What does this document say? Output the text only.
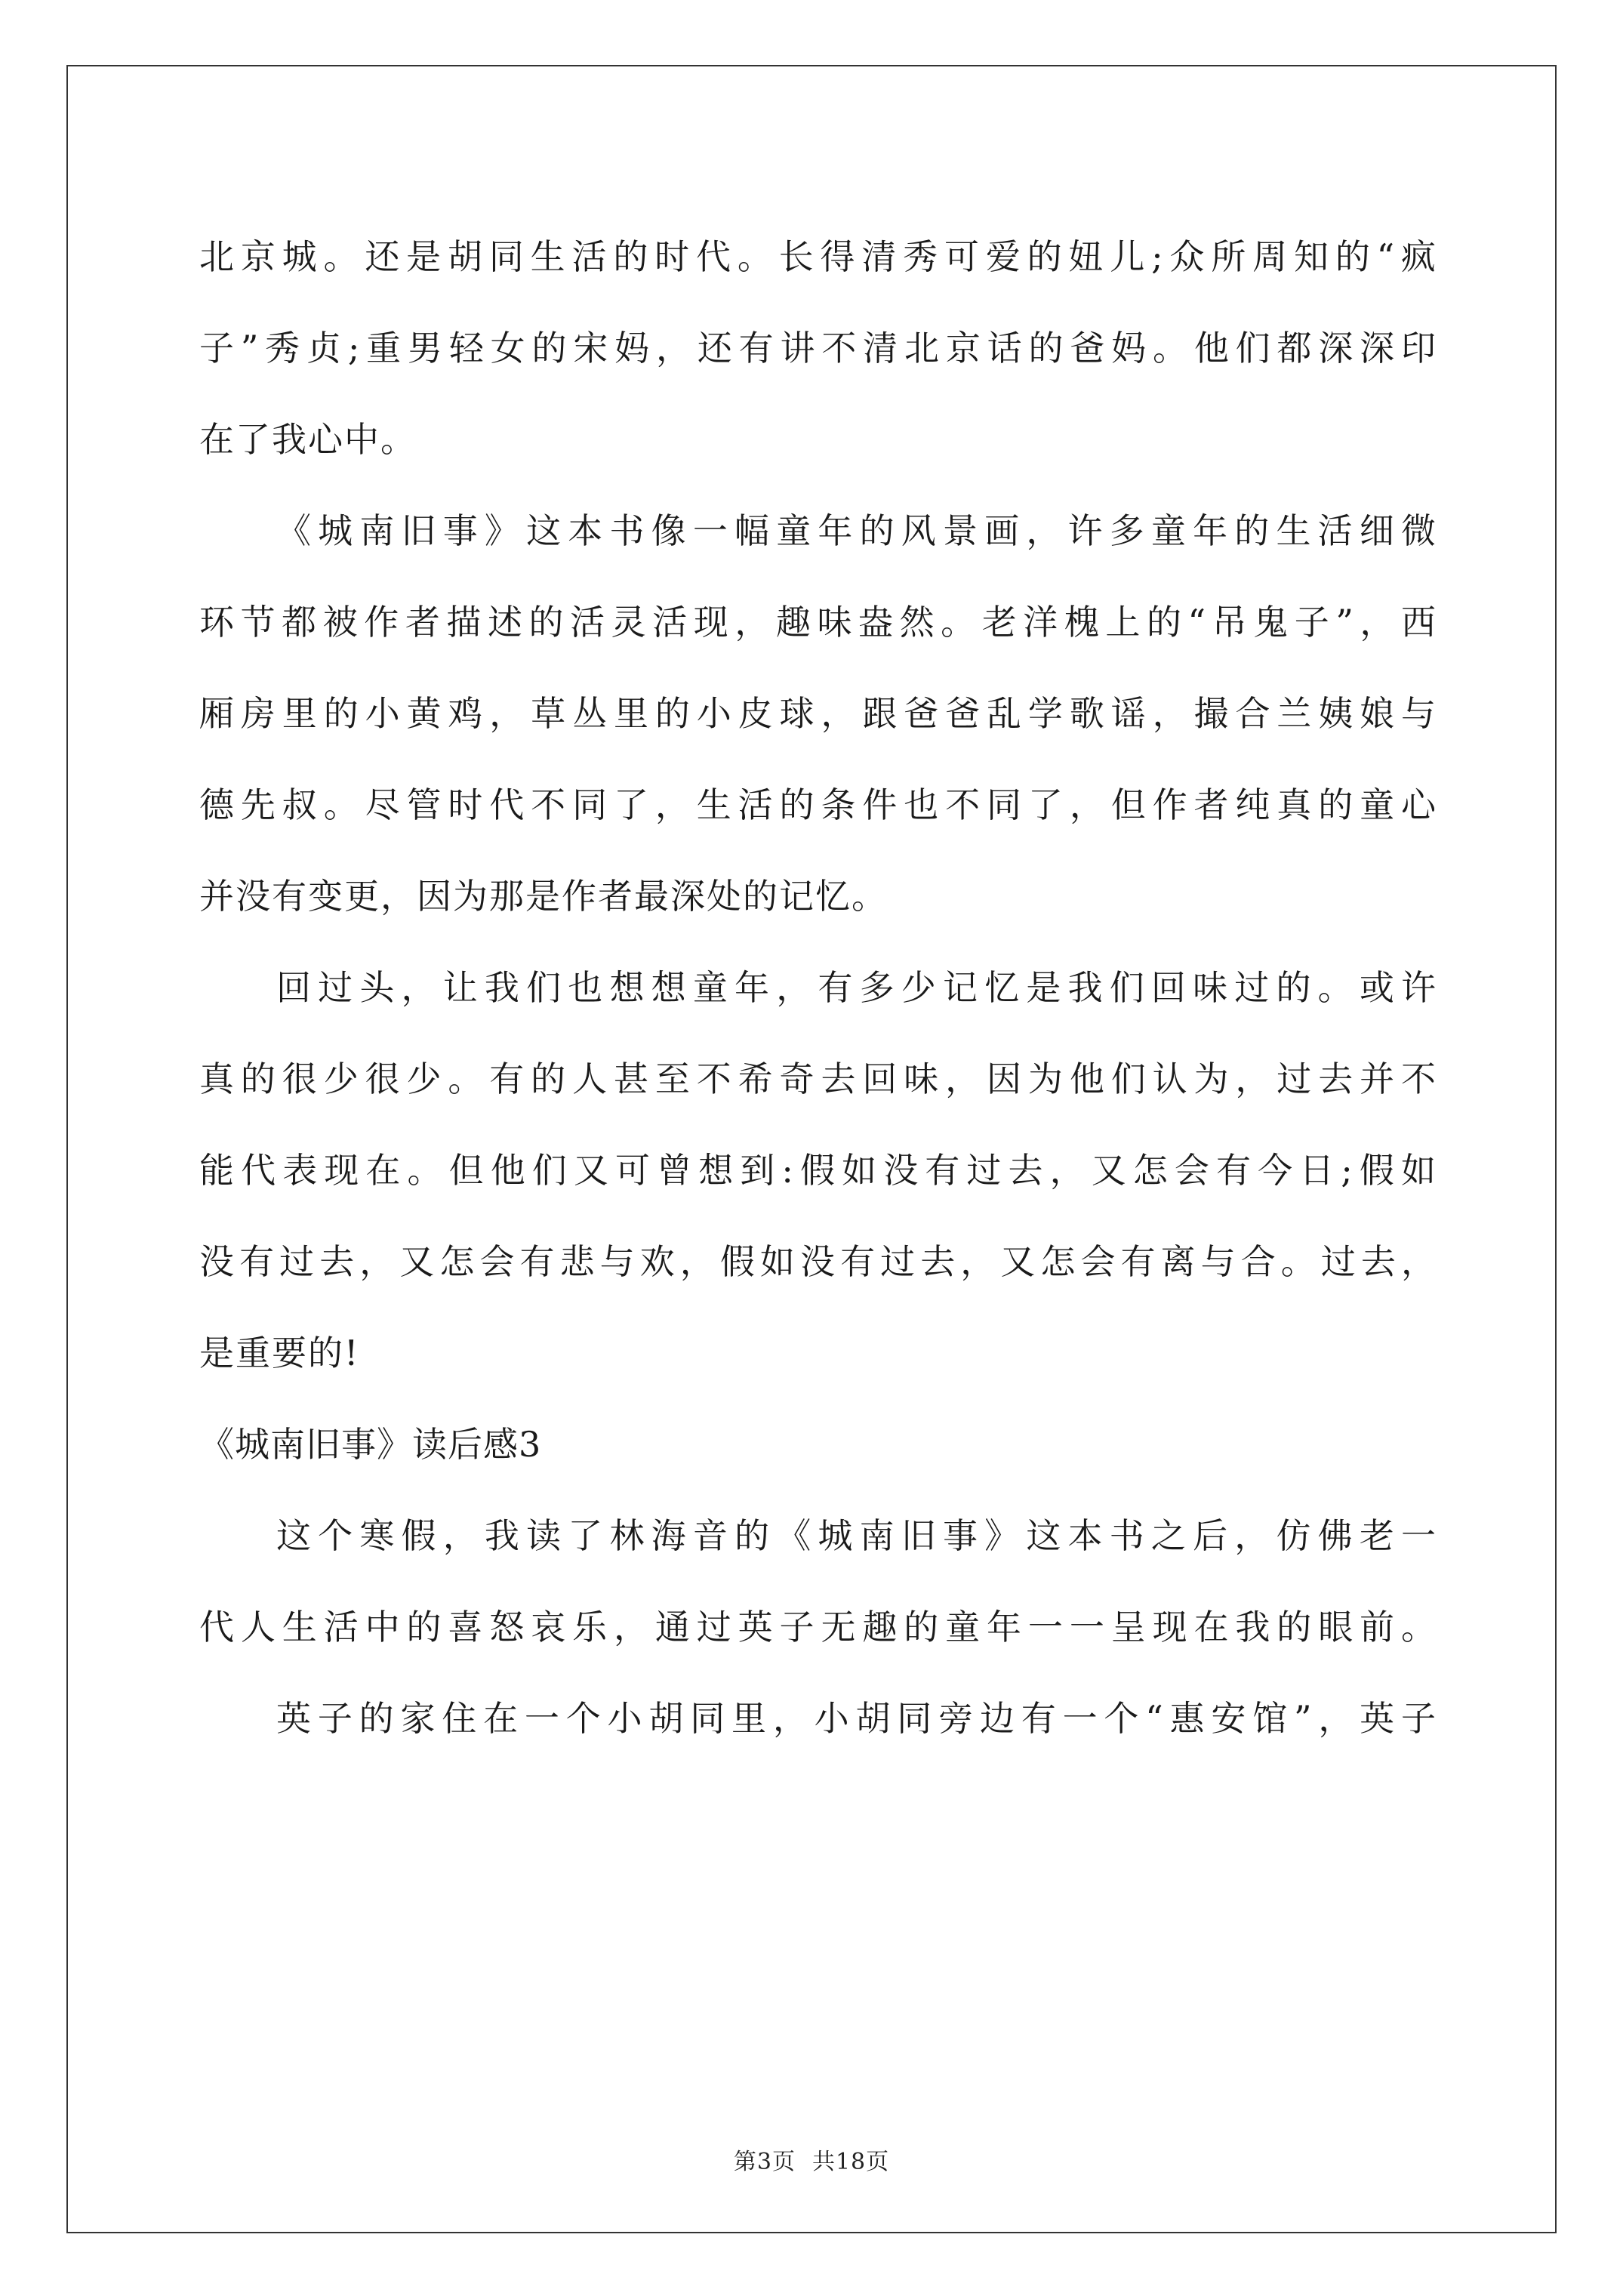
北京城。还是胡同生活的时代。长得清秀可爱的妞儿;众所周知的“疯
子”秀贞;重男轻女的宋妈，还有讲不清北京话的爸妈。他们都深深印
在了我心中。
《城南旧事》这本书像一幅童年的风景画，许多童年的生活细微
环节都被作者描述的活灵活现，趣味盎然。老洋槐上的“吊鬼子”，西
厢房里的小黄鸡，草丛里的小皮球，跟爸爸乱学歌谣，撮合兰姨娘与
德先叔。尽管时代不同了，生活的条件也不同了，但作者纯真的童心
并没有变更，因为那是作者最深处的记忆。
回过头，让我们也想想童年，有多少记忆是我们回味过的。或许
真的很少很少。有的人甚至不希奇去回味，因为他们认为，过去并不
能代表现在。但他们又可曾想到:假如没有过去，又怎会有今日;假如
没有过去，又怎会有悲与欢，假如没有过去，又怎会有离与合。过去，
是重要的!
《城南旧事》读后感3
这个寒假，我读了林海音的《城南旧事》这本书之后，仿佛老一
代人生活中的喜怒哀乐，通过英子无趣的童年一一呈现在我的眼前。
英子的家住在一个小胡同里，小胡同旁边有一个“惠安馆”，英子
第3页 共18页
